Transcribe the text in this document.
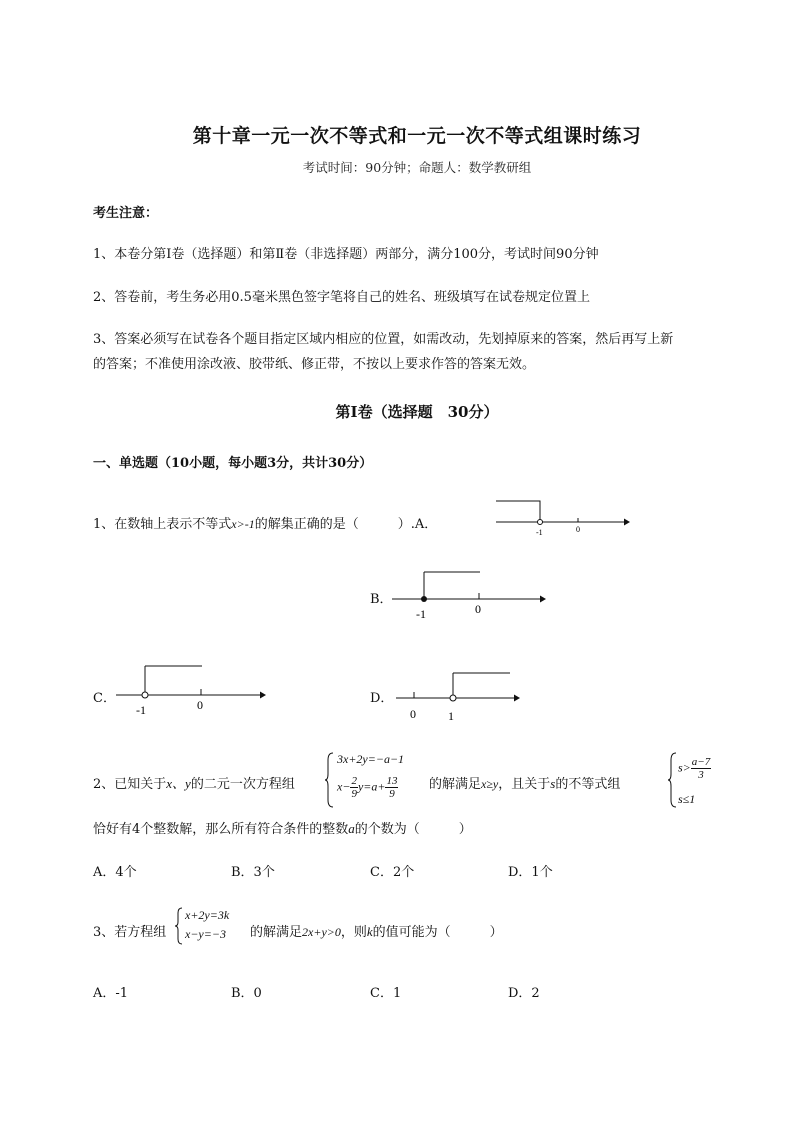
第十章一元一次不等式和一元一次不等式组课时练习
考试时间：90分钟；命题人：数学教研组
考生注意：
1、本卷分第I卷（选择题）和第Ⅱ卷（非选择题）两部分，满分100分，考试时间90分钟
2、答卷前，考生务必用0.5毫米黑色签字笔将自己的姓名、班级填写在试卷规定位置上
3、答案必须写在试卷各个题目指定区域内相应的位置，如需改动，先划掉原来的答案，然后再写上新
的答案；不准使用涂改液、胶带纸、修正带，不按以上要求作答的答案无效。
第I卷（选择题　30分）
一、单选题（10小题，每小题3分，共计30分）
1、在数轴上表示不等式x>-1的解集正确的是（　　　）.A．
-1	0
B．
-1	0
C．
-1	0	D．
0	1
2、已知关于x、y的二元一次方程组
3x+2y=−a−1
$x- \frac{2}{9} y=a+ \frac{13}{9}$ 的解满足x≥y，且关于s的不等式组
$s> \frac{a-7}{3}$
s≤1
恰好有4个整数解，那么所有符合条件的整数a的个数为（　　　）
A．4个	B．3个	C．2个	D．1个
3、若方程组
x+2y=3k
x−y=−3 的解满足2x+y>0，则k的值可能为（　　　）
A．-1	B．0	C．1	D．2
